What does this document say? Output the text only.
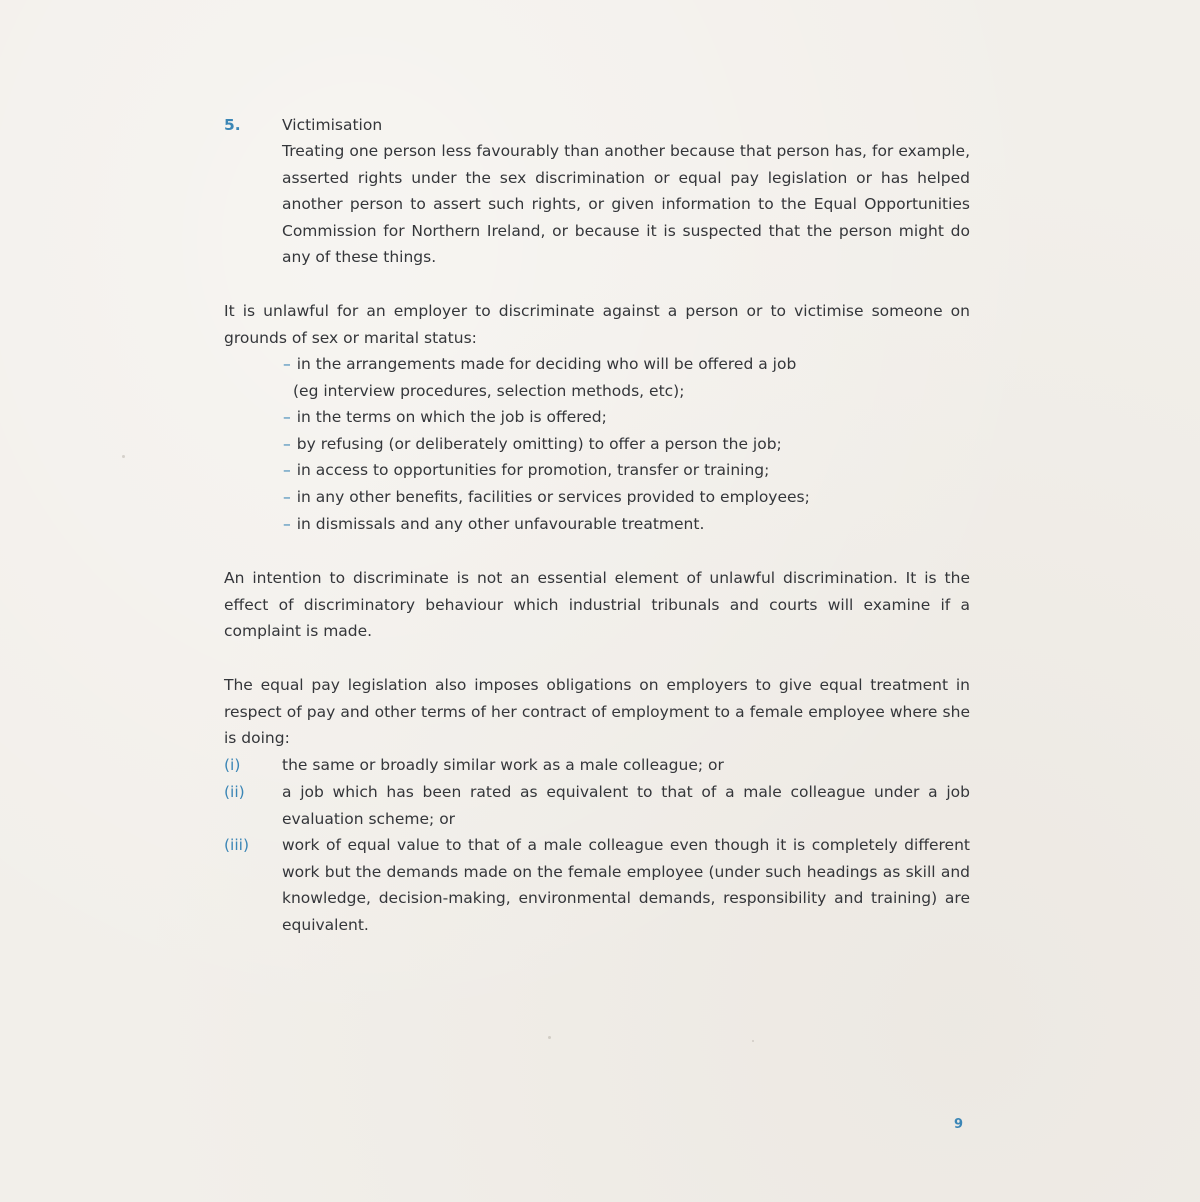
5.	Victimisation
Treating one person less favourably than another because that person has, for example, asserted rights under the sex discrimination or equal pay legislation or has helped another person to assert such rights, or given information to the Equal Opportunities Commission for Northern Ireland, or because it is suspected that the person might do any of these things.
It is unlawful for an employer to discriminate against a person or to victimise someone on grounds of sex or marital status:
– in the arrangements made for deciding who will be offered a job
(eg interview procedures, selection methods, etc);
– in the terms on which the job is offered;
– by refusing (or deliberately omitting) to offer a person the job;
– in access to opportunities for promotion, transfer or training;
– in any other benefits, facilities or services provided to employees;
– in dismissals and any other unfavourable treatment.
An intention to discriminate is not an essential element of unlawful discrimination. It is the effect of discriminatory behaviour which industrial tribunals and courts will examine if a complaint is made.
The equal pay legislation also imposes obligations on employers to give equal treatment in respect of pay and other terms of her contract of employment to a female employee where she is doing:
(i)	the same or broadly similar work as a male colleague; or
(ii) a job which has been rated as equivalent to that of a male colleague under a job evaluation scheme; or
(iii) work of equal value to that of a male colleague even though it is completely different work but the demands made on the female employee (under such headings as skill and knowledge, decision-making, environmental demands, responsibility and training) are equivalent.
9
